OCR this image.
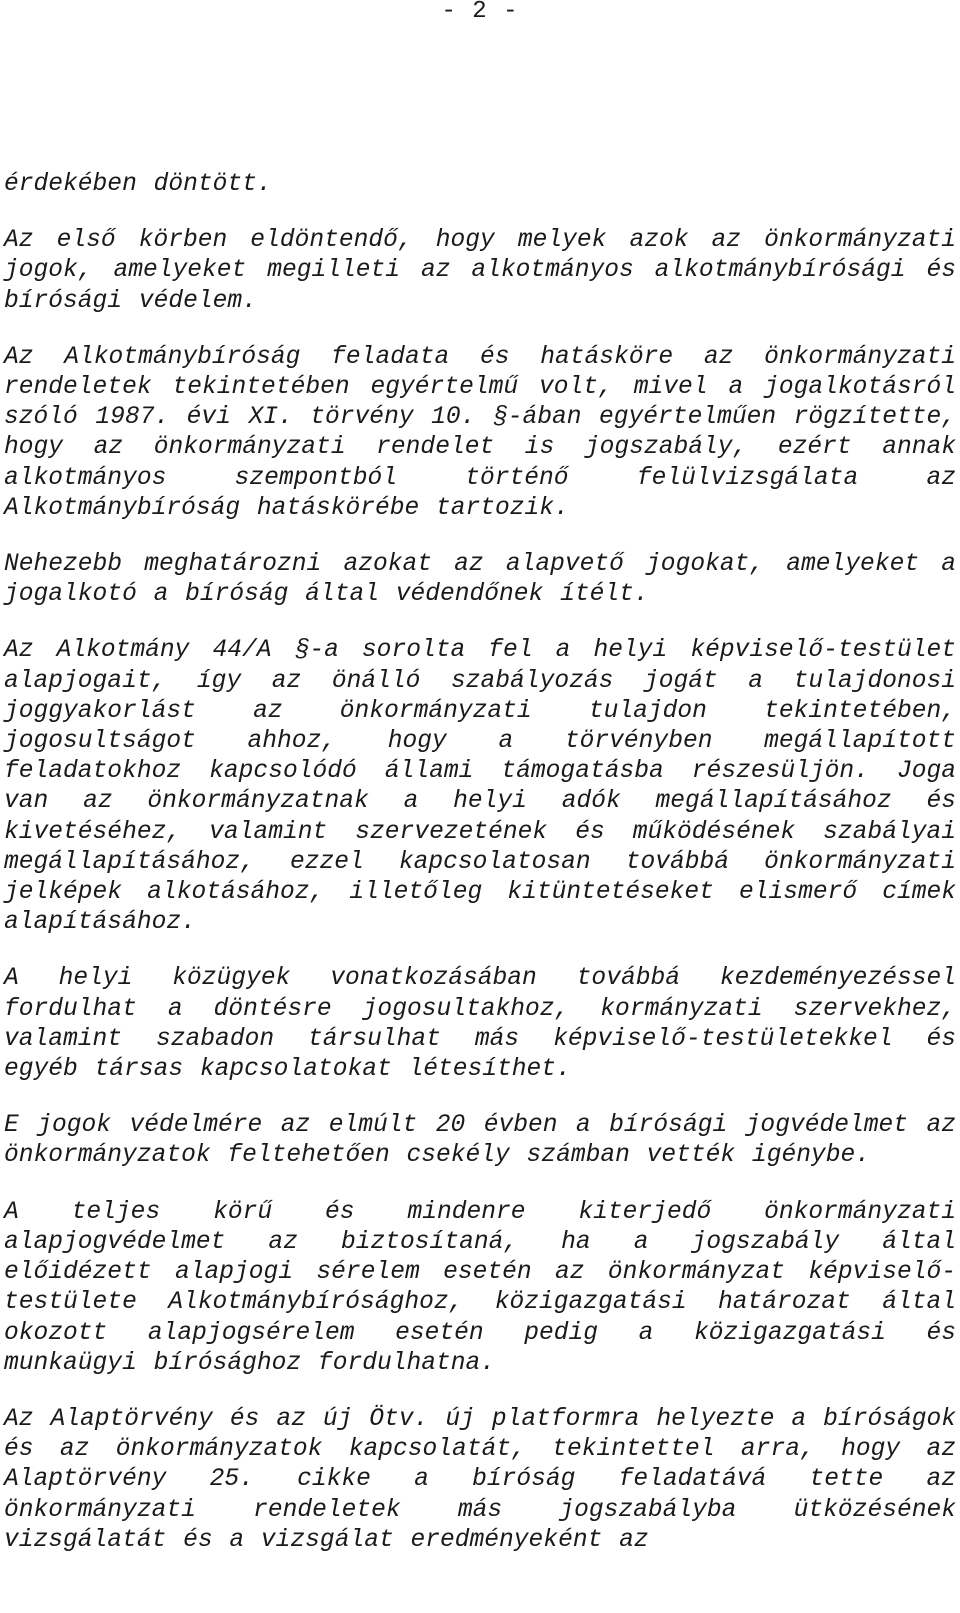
- 2 -

érdekében döntött.

Az első körben eldöntendő, hogy melyek azok az önkormányzati jogok, amelyeket megilleti az alkotmányos alkotmánybírósági és bírósági védelem.

Az Alkotmánybíróság feladata és hatásköre az önkormányzati rendeletek tekintetében egyértelmű volt, mivel a jogalkotásról szóló 1987. évi XI. törvény 10. §-ában egyértelműen rögzítette, hogy az önkormányzati rendelet is jogszabály, ezért annak alkotmányos szempontból történő felülvizsgálata az Alkotmánybíróság hatáskörébe tartozik.

Nehezebb meghatározni azokat az alapvető jogokat, amelyeket a jogalkotó a bíróság által védendőnek ítélt.

Az Alkotmány 44/A §-a sorolta fel a helyi képviselő-testület alapjogait, így az önálló szabályozás jogát a tulajdonosi joggyakorlást az önkormányzati tulajdon tekintetében, jogosultságot ahhoz, hogy a törvényben megállapított feladatokhoz kapcsolódó állami támogatásba részesüljön. Joga van az önkormányzatnak a helyi adók megállapításához és kivetéséhez, valamint szervezetének és működésének szabályai megállapításához, ezzel kapcsolatosan továbbá önkormányzati jelképek alkotásához, illetőleg kitüntetéseket elismerő címek alapításához.

A helyi közügyek vonatkozásában továbbá kezdeményezéssel fordulhat a döntésre jogosultakhoz, kormányzati szervekhez, valamint szabadon társulhat más képviselő-testületekkel és egyéb társas kapcsolatokat létesíthet.

E jogok védelmére az elmúlt 20 évben a bírósági jogvédelmet az önkormányzatok feltehetően csekély számban vették igénybe.

A teljes körű és mindenre kiterjedő önkormányzati alapjogvédelmet az biztosítaná, ha a jogszabály által előidézett alapjogi sérelem esetén az önkormányzat képviselő-testülete Alkotmánybírósághoz, közigazgatási határozat által okozott alapjogsérelem esetén pedig a közigazgatási és munkaügyi bírósághoz fordulhatna.

Az Alaptörvény és az új Ötv. új platformra helyezte a bíróságok és az önkormányzatok kapcsolatát, tekintettel arra, hogy az Alaptörvény 25. cikke a bíróság feladatává tette az önkormányzati rendeletek más jogszabályba ütközésének vizsgálatát és a vizsgálat eredményeként az
